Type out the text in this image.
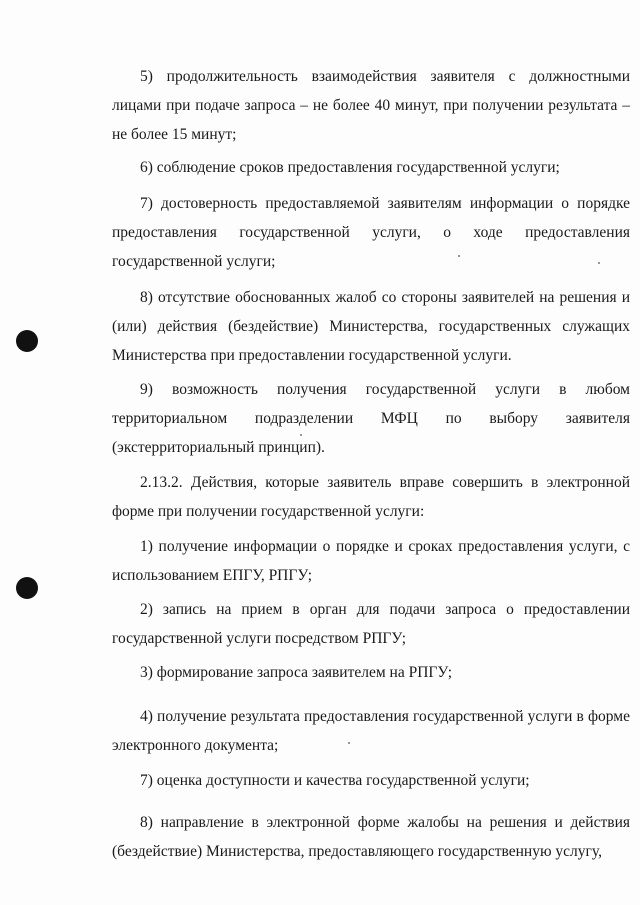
5) продолжительность взаимодействия заявителя с должностными лицами при подаче запроса – не более 40 минут, при получении результата – не более 15 минут;

6) соблюдение сроков предоставления государственной услуги;

7) достоверность предоставляемой заявителям информации о порядке предоставления государственной услуги, о ходе предоставления государственной услуги;

8) отсутствие обоснованных жалоб со стороны заявителей на решения и (или) действия (бездействие) Министерства, государственных служащих Министерства при предоставлении государственной услуги.

9) возможность получения государственной услуги в любом территориальном подразделении МФЦ по выбору заявителя (экстерриториальный принцип).

2.13.2. Действия, которые заявитель вправе совершить в электронной форме при получении государственной услуги:

1) получение информации о порядке и сроках предоставления услуги, с использованием ЕПГУ, РПГУ;

2) запись на прием в орган для подачи запроса о предоставлении государственной услуги посредством РПГУ;

3) формирование запроса заявителем на РПГУ;

4) получение результата предоставления государственной услуги в форме электронного документа;

7) оценка доступности и качества государственной услуги;

8) направление в электронной форме жалобы на решения и действия (бездействие) Министерства, предоставляющего государственную услугу,
